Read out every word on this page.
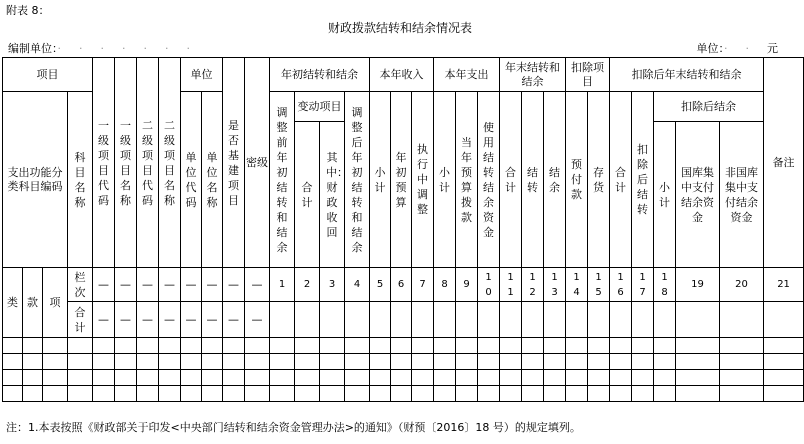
附表 8：
财政拨款结转和结余情况表
编制单位：·······	单位：··元
项目				一级项目代码	一级项目名称	二级项目代码	二级项目名称	单位		是否基建项目	密级	年初结转和结余				本年收入			本年支出			年末结转和结余			扣除项目		扣除后年末结转和结余					备注
支出功能分类科目编码			科目名称					单位代码	单位名称			调整前年初结转和结余	变动项目		调整后年初结转和结余	小计	年初预算	执行中调整	小计	当年预算拨款	使用结转结余资金	合计	结转	结余	预付款	存货	合计	扣除后结转	扣除后结余			
													合计	其中：财政收回															小计	国库集中支付结余资金	非国库集中支付结余资金	

类	款	项	栏次	—	—	—	—	—	—	—	—	1	2	3	4	5	6	7	8	9	10	11	12	13	14	15	16	17	18	19	20	21
			合计	—	—	—	—	—	—	—	—																					

注：1.本表按照《财政部关于印发<中央部门结转和结余资金管理办法>的通知》（财预〔2016〕18 号）的规定填列。
